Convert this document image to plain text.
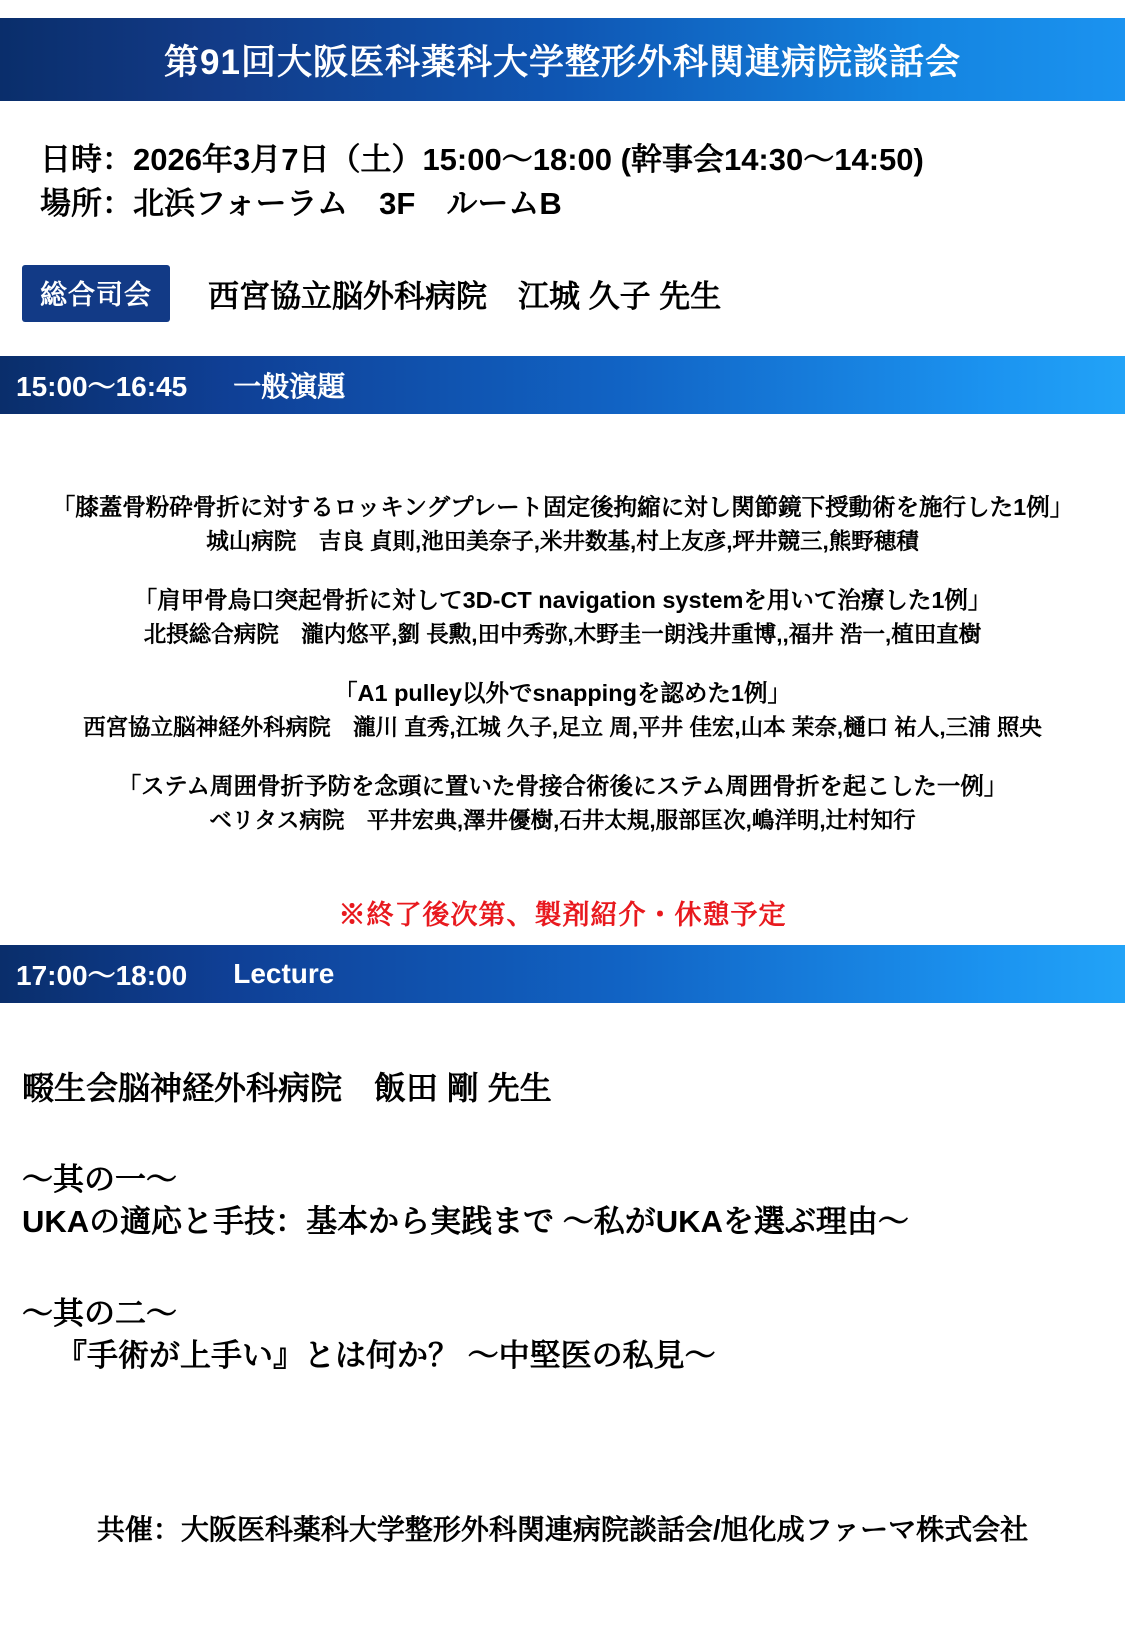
第91回大阪医科薬科大学整形外科関連病院談話会
日時：2026年3月7日（土）15:00〜18:00 (幹事会14:30〜14:50)
場所：北浜フォーラム　3F　ルームB
総合司会	西宮協立脳外科病院　江城 久子 先生
15:00〜16:45 一般演題
「膝蓋骨粉砕骨折に対するロッキングプレート固定後拘縮に対し関節鏡下授動術を施行した1例」
城山病院　吉良 貞則,池田美奈子,米井数基,村上友彦,坪井競三,熊野穂積
「肩甲骨烏口突起骨折に対して3D-CT navigation systemを用いて治療した1例」
北摂総合病院　瀧内悠平,劉 長勲,田中秀弥,木野圭一朗浅井重博,,福井 浩一,植田直樹
「A1 pulley以外でsnappingを認めた1例」
西宮協立脳神経外科病院　瀧川 直秀,江城 久子,足立 周,平井 佳宏,山本 茉奈,樋口 祐人,三浦 照央
「ステム周囲骨折予防を念頭に置いた骨接合術後にステム周囲骨折を起こした一例」
ベリタス病院　平井宏典,澤井優樹,石井太規,服部匡次,嶋洋明,辻村知行
※終了後次第、製剤紹介・休憩予定
17:00〜18:00 Lecture
畷生会脳神経外科病院　飯田 剛 先生
〜其の一〜
UKAの適応と手技：基本から実践まで 〜私がUKAを選ぶ理由〜
〜其の二〜
『手術が上手い』とは何か？ 〜中堅医の私見〜
共催：大阪医科薬科大学整形外科関連病院談話会/旭化成ファーマ株式会社
